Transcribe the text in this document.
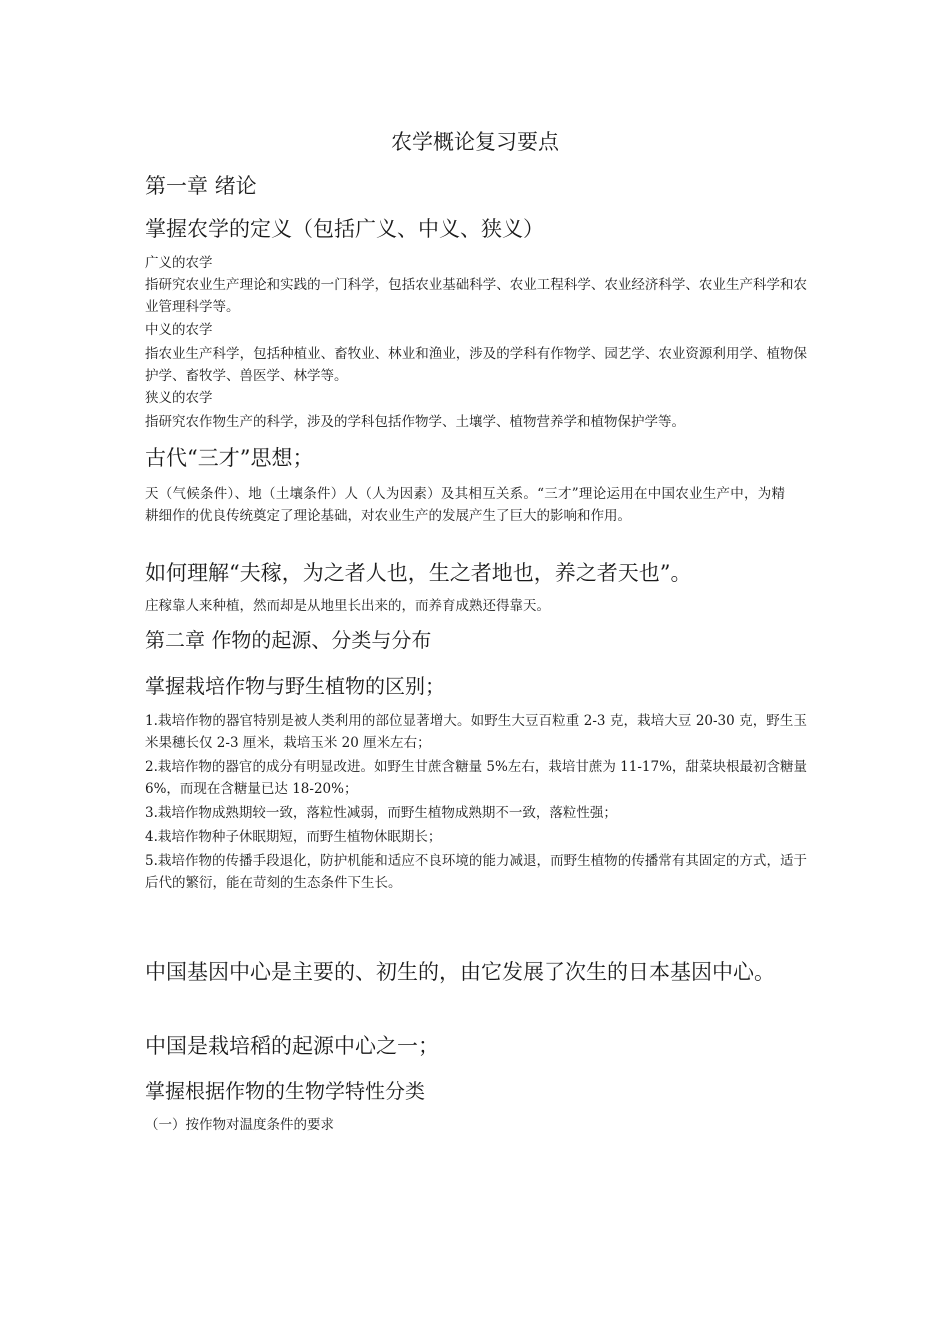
农学概论复习要点
第一章 绪论
掌握农学的定义（包括广义、中义、狭义）
广义的农学
指研究农业生产理论和实践的一门科学，包括农业基础科学、农业工程科学、农业经济科学、农业生产科学和农业管理科学等。
中义的农学
指农业生产科学，包括种植业、畜牧业、林业和渔业，涉及的学科有作物学、园艺学、农业资源利用学、植物保护学、畜牧学、兽医学、林学等。
狭义的农学
指研究农作物生产的科学，涉及的学科包括作物学、土壤学、植物营养学和植物保护学等。
古代“三才”思想；
天（气候条件）、地（土壤条件）人（人为因素）及其相互关系。“三才”理论运用在中国农业生产中，为精耕细作的优良传统奠定了理论基础，对农业生产的发展产生了巨大的影响和作用。
如何理解“夫稼，为之者人也，生之者地也，养之者天也”。
庄稼靠人来种植，然而却是从地里长出来的，而养育成熟还得靠天。
第二章 作物的起源、分类与分布
掌握栽培作物与野生植物的区别；
1.栽培作物的器官特别是被人类利用的部位显著增大。如野生大豆百粒重 2-3 克，栽培大豆 20-30 克，野生玉米果穗长仅 2-3 厘米，栽培玉米 20 厘米左右；
2.栽培作物的器官的成分有明显改进。如野生甘蔗含糖量 5%左右，栽培甘蔗为 11-17%，甜菜块根最初含糖量 6%，而现在含糖量已达 18-20%；
3.栽培作物成熟期较一致，落粒性减弱，而野生植物成熟期不一致，落粒性强；
4.栽培作物种子休眠期短，而野生植物休眠期长；
5.栽培作物的传播手段退化，防护机能和适应不良环境的能力减退，而野生植物的传播常有其固定的方式，适于后代的繁衍，能在苛刻的生态条件下生长。
中国基因中心是主要的、初生的，由它发展了次生的日本基因中心。
中国是栽培稻的起源中心之一；
掌握根据作物的生物学特性分类
（一）按作物对温度条件的要求
